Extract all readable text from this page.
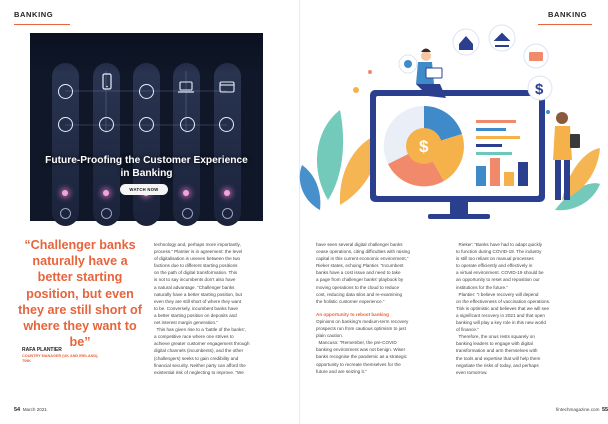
BANKING
Future-Proofing the Customer Experience
in Banking
WATCH NOW
“Challenger banks naturally have a better starting position, but even they are still short of where they want to be”
RAFA PLANTIER
COUNTRY MANAGER (UK AND IRELAND),
TINK

technology and, perhaps more importantly,

process.” Plantier is in agreement: the level

of digitalisation is uneven between the two

factions due to different starting positions

on the path of digital transformation. This

is not to say incumbents don’t also have

a natural advantage. “Challenger banks

naturally have a better starting position, but

even they are still short of where they want

to be. Conversely, incumbent banks have

a better starting position on deposits and

net interest margin generation.”

This has given rise to a ‘battle of the banks’,

a competitive race where one strives to

achieve greater customer engagement through

digital channels (incumbents), and the other

(challengers) seeks to gain credibility and

financial security. Neither party can afford the

existential risk of neglecting to improve. “We

54 March 2021
BANKING
$
$

have seen several digital challenger banks

cease operations, citing difficulties with raising

capital in this current economic environment,”

Rieker states, echoing Plantier. “Incumbent

banks have a cost issue and need to take

a page from challenger banks’ playbook by

moving operations to the cloud to reduce

cost, reducing data silos and re-examining

the holistic customer experience.”

An opportunity to reboot banking

Opinions on banking’s medium-term recovery

prospects run from cautious optimism to just

plain caution.

Mancuso: “Remember, the pre-COVID

banking environment was not benign. Wiser

banks recognise the pandemic as a strategic

opportunity to recreate themselves for the

future and are seizing it.”

Rieker: “Banks have had to adapt quickly

to function during COVID-19. The industry

is still too reliant on manual processes

to operate efficiently and effectively in

a virtual environment. COVID-19 should be

an opportunity to reset and reposition our

institutions for the future.”

Plantier: “I believe recovery will depend

on the effectiveness of vaccination operations.

Tink is optimistic and believes that we will see

a significant recovery in 2021 and that open

banking will play a key role in this new world

of finance.”

Therefore, the onus rests squarely on

banking leaders to engage with digital

transformation and arm themselves with

the tools and expertise that will help them

negotiate the risks of today, and perhaps

even tomorrow.

fintechmagazine.com 55
